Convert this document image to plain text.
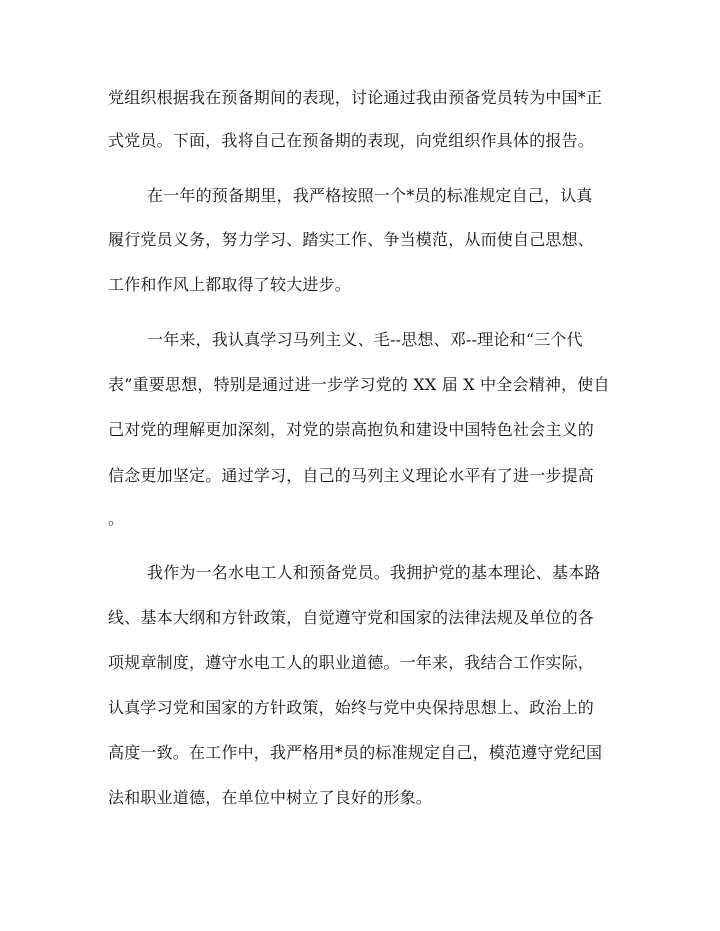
党组织根据我在预备期间的表现，讨论通过我由预备党员转为中国*正

式党员。下面，我将自己在预备期的表现，向党组织作具体的报告。

在一年的预备期里，我严格按照一个*员的标准规定自己，认真

履行党员义务，努力学习、踏实工作、争当模范，从而使自己思想、

工作和作风上都取得了较大进步。

一年来，我认真学习马列主义、毛--思想、邓--理论和“三个代

表”重要思想，特别是通过进一步学习党的 XX 届 X 中全会精神，使自

己对党的理解更加深刻，对党的崇高抱负和建设中国特色社会主义的

信念更加坚定。通过学习，自己的马列主义理论水平有了进一步提高

。

我作为一名水电工人和预备党员。我拥护党的基本理论、基本路

线、基本大纲和方针政策，自觉遵守党和国家的法律法规及单位的各

项规章制度，遵守水电工人的职业道德。一年来，我结合工作实际，

认真学习党和国家的方针政策，始终与党中央保持思想上、政治上的

高度一致。在工作中，我严格用*员的标准规定自己，模范遵守党纪国

法和职业道德，在单位中树立了良好的形象。
